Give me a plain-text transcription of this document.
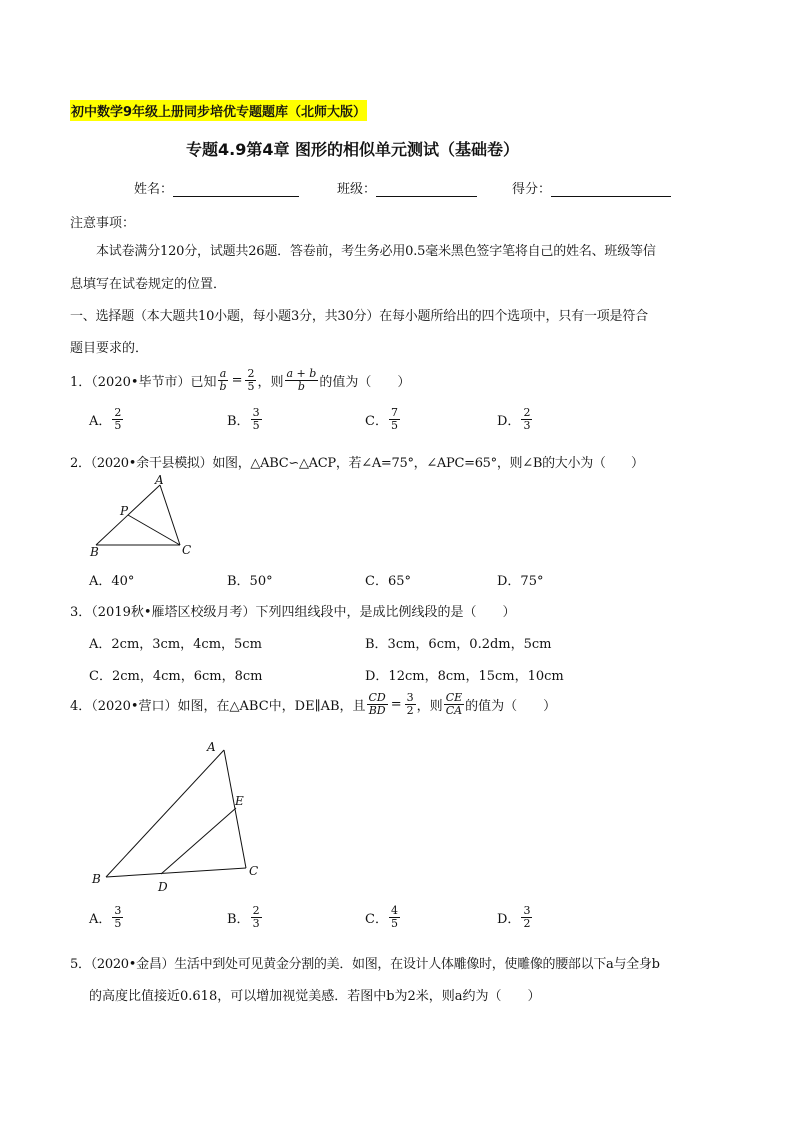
初中数学9年级上册同步培优专题题库（北师大版）
专题4.9第4章 图形的相似单元测试（基础卷）
姓名：	班级：	得分：
注意事项：
本试卷满分120分，试题共26题．答卷前，考生务必用0.5毫米黑色签字笔将自己的姓名、班级等信
息填写在试卷规定的位置．
一、选择题（本大题共10小题，每小题3分，共30分）在每小题所给出的四个选项中，只有一项是符合
题目要求的．
1．（2020•毕节市）已知 $\frac{a}{b} = \frac{2}{5}$ ，则 $\frac{a + b}{b}$ 的值为（　　）
A． $\frac{2}{5}$	B． $\frac{3}{5}$	C． $\frac{7}{5}$	D． $\frac{2}{3}$
2．（2020•余干县模拟）如图，△ABC∽△ACP，若∠A=75°，∠APC=65°，则∠B的大小为（　　）
A
P
B	C
A．40°	B．50°	C．65°	D．75°
3．（2019秋•雁塔区校级月考）下列四组线段中，是成比例线段的是（　　）
A．2cm，3cm，4cm，5cm	B．3cm，6cm，0.2dm，5cm
C．2cm，4cm，6cm，8cm	D．12cm，8cm，15cm，10cm
4．（2020•营口）如图，在△ABC中，DE∥AB，且 $\frac{CD}{BD} = \frac{3}{2}$ ，则 $\frac{CE}{CA}$ 的值为（　　）
A
E
B
D
C
A． $\frac{3}{5}$	B． $\frac{2}{3}$	C． $\frac{4}{5}$	D． $\frac{3}{2}$
5．（2020•金昌）生活中到处可见黄金分割的美．如图，在设计人体雕像时，使雕像的腰部以下a与全身b
的高度比值接近0.618，可以增加视觉美感．若图中b为2米，则a约为（　　）
